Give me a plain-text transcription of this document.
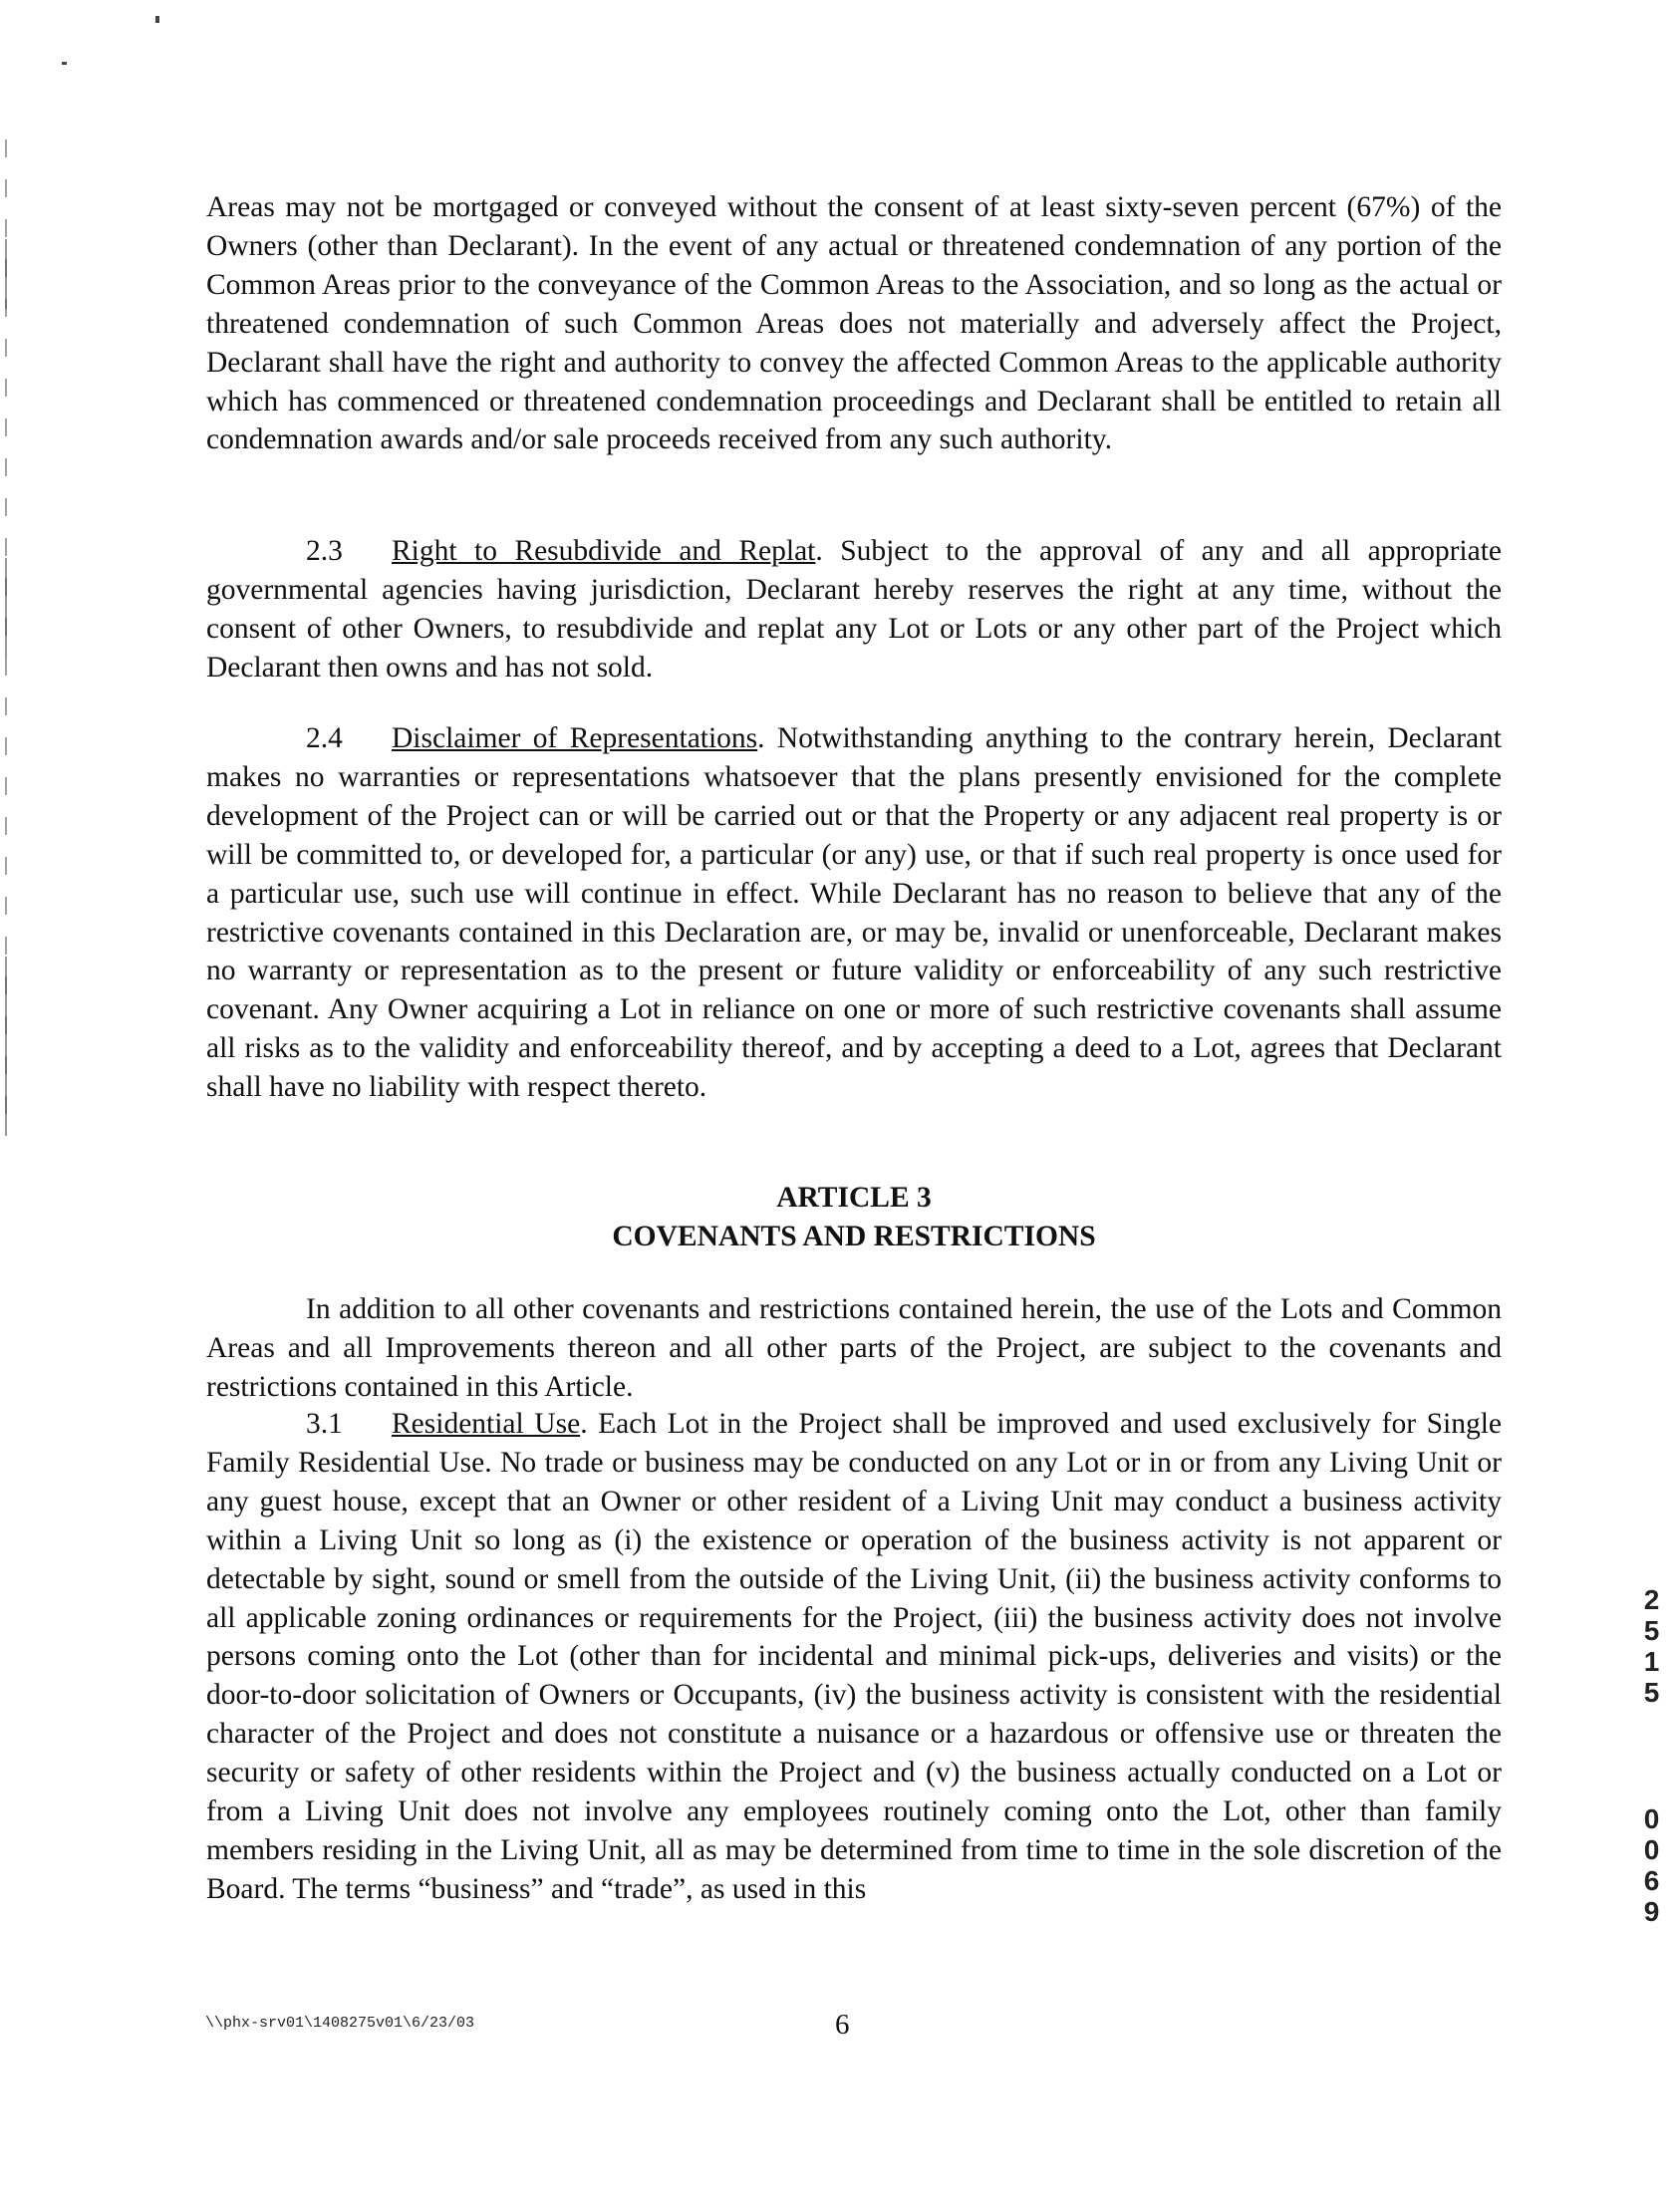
Areas may not be mortgaged or conveyed without the consent of at least sixty-seven percent (67%) of the Owners (other than Declarant). In the event of any actual or threatened condemnation of any portion of the Common Areas prior to the conveyance of the Common Areas to the Association, and so long as the actual or threatened condemnation of such Common Areas does not materially and adversely affect the Project, Declarant shall have the right and authority to convey the affected Common Areas to the applicable authority which has commenced or threatened condemnation proceedings and Declarant shall be entitled to retain all condemnation awards and/or sale proceeds received from any such authority.

2.3 Right to Resubdivide and Replat. Subject to the approval of any and all appropriate governmental agencies having jurisdiction, Declarant hereby reserves the right at any time, without the consent of other Owners, to resubdivide and replat any Lot or Lots or any other part of the Project which Declarant then owns and has not sold.

2.4 Disclaimer of Representations. Notwithstanding anything to the contrary herein, Declarant makes no warranties or representations whatsoever that the plans presently envisioned for the complete development of the Project can or will be carried out or that the Property or any adjacent real property is or will be committed to, or developed for, a particular (or any) use, or that if such real property is once used for a particular use, such use will continue in effect. While Declarant has no reason to believe that any of the restrictive covenants contained in this Declaration are, or may be, invalid or unenforceable, Declarant makes no warranty or representation as to the present or future validity or enforceability of any such restrictive covenant. Any Owner acquiring a Lot in reliance on one or more of such restrictive covenants shall assume all risks as to the validity and enforceability thereof, and by accepting a deed to a Lot, agrees that Declarant shall have no liability with respect thereto.

ARTICLE 3

COVENANTS AND RESTRICTIONS

In addition to all other covenants and restrictions contained herein, the use of the Lots and Common Areas and all Improvements thereon and all other parts of the Project, are subject to the covenants and restrictions contained in this Article.

3.1 Residential Use. Each Lot in the Project shall be improved and used exclusively for Single Family Residential Use. No trade or business may be conducted on any Lot or in or from any Living Unit or any guest house, except that an Owner or other resident of a Living Unit may conduct a business activity within a Living Unit so long as (i) the existence or operation of the business activity is not apparent or detectable by sight, sound or smell from the outside of the Living Unit, (ii) the business activity conforms to all applicable zoning ordinances or requirements for the Project, (iii) the business activity does not involve persons coming onto the Lot (other than for incidental and minimal pick-ups, deliveries and visits) or the door-to-door solicitation of Owners or Occupants, (iv) the business activity is consistent with the residential character of the Project and does not constitute a nuisance or a hazardous or offensive use or threaten the security or safety of other residents within the Project and (v) the business actually conducted on a Lot or from a Living Unit does not involve any employees routinely coming onto the Lot, other than family members residing in the Living Unit, all as may be determined from time to time in the sole discretion of the Board. The terms “business” and “trade”, as used in this

\\phx-srv01\1408275v01\6/23/03	6
2515
0069
